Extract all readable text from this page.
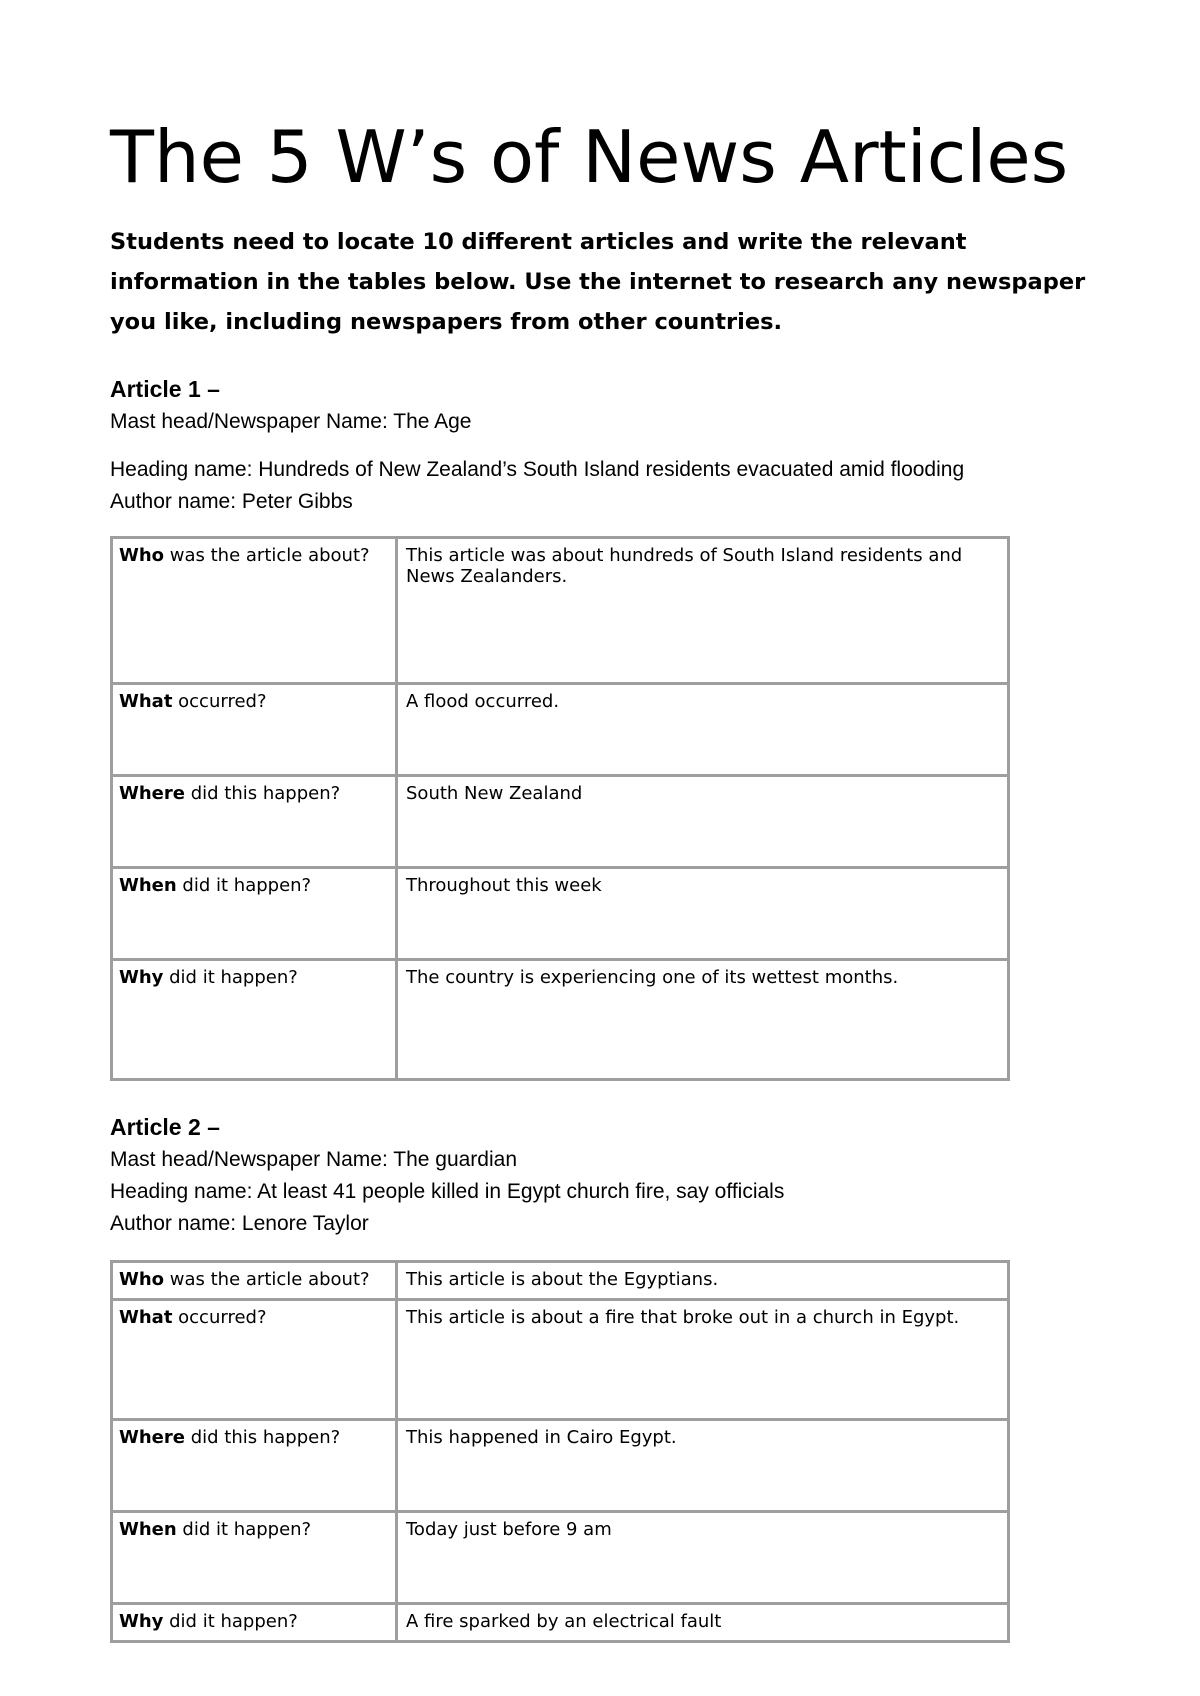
The 5 W’s of News Articles

Students need to locate 10 different articles and write the relevant information in the tables below. Use the internet to research any newspaper you like, including newspapers from other countries.

Article 1 –

Mast head/Newspaper Name: The Age

Heading name: Hundreds of New Zealand’s South Island residents evacuated amid flooding

Author name: Peter Gibbs

Who was the article about?	This article was about hundreds of South Island residents and News Zealanders.
What occurred?	A flood occurred.
Where did this happen?	South New Zealand
When did it happen?	Throughout this week
Why did it happen?	The country is experiencing one of its wettest months.

Article 2 –

Mast head/Newspaper Name: The guardian

Heading name: At least 41 people killed in Egypt church fire, say officials

Author name: Lenore Taylor

Who was the article about?	This article is about the Egyptians.
What occurred?	This article is about a fire that broke out in a church in Egypt.
Where did this happen?	This happened in Cairo Egypt.
When did it happen?	Today just before 9 am
Why did it happen?	A fire sparked by an electrical fault
